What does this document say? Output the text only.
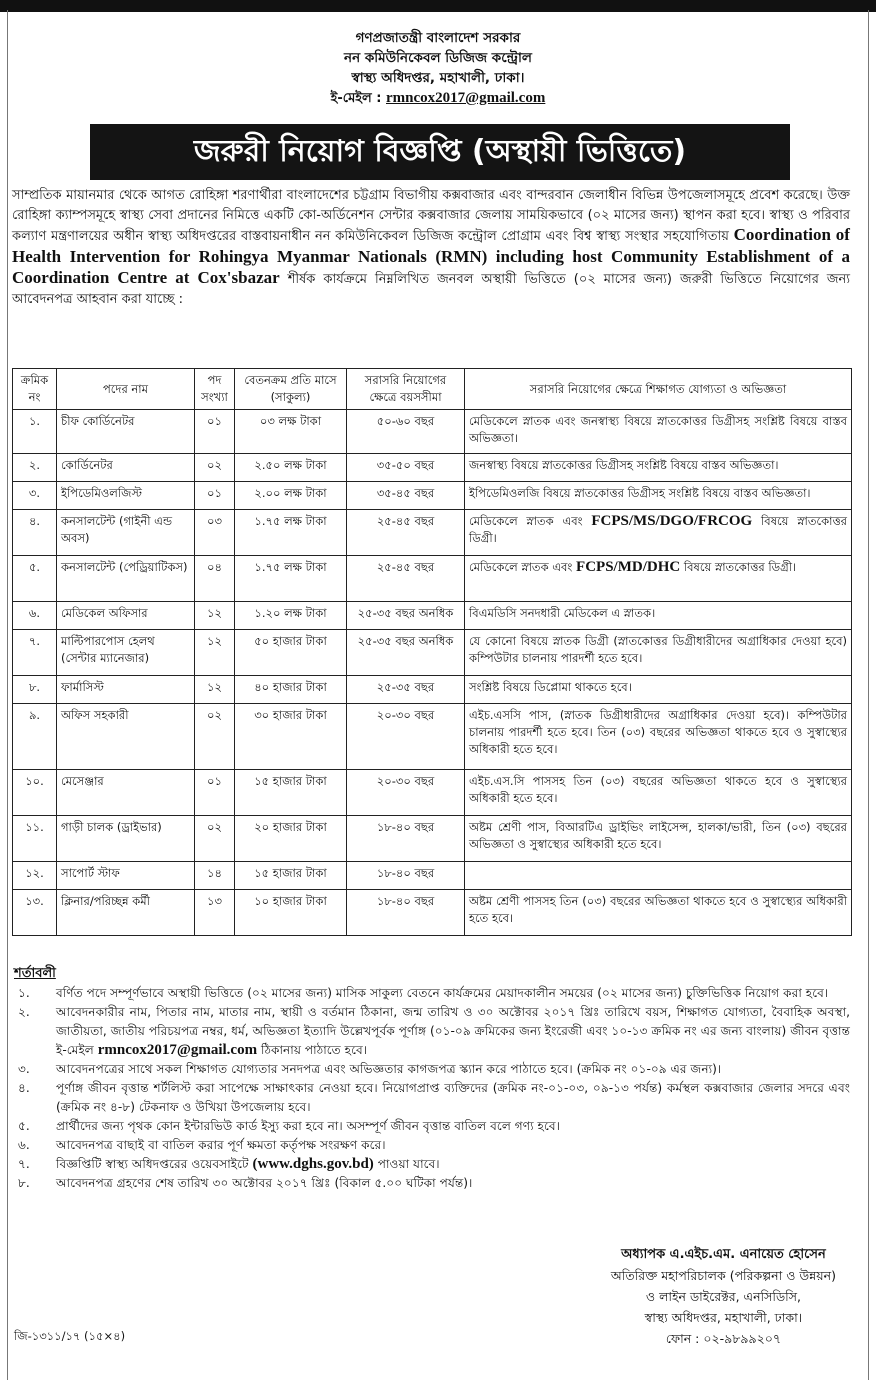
গণপ্রজাতন্ত্রী বাংলাদেশ সরকার
নন কমিউনিকেবল ডিজিজ কন্ট্রোল
স্বাস্থ্য অধিদপ্তর, মহাখালী, ঢাকা।
ই-মেইল : rmncox2017@gmail.com
জরুরী নিয়োগ বিজ্ঞপ্তি (অস্থায়ী ভিত্তিতে)
সাম্প্রতিক মায়ানমার থেকে আগত রোহিঙ্গা শরণার্থীরা বাংলাদেশের চট্টগ্রাম বিভাগীয় কক্সবাজার এবং বান্দরবান জেলাধীন বিভিন্ন উপজেলাসমূহে প্রবেশ করেছে। উক্ত রোহিঙ্গা ক্যাম্পসমূহে স্বাস্থ্য সেবা প্রদানের নিমিত্তে একটি কো-অর্ডিনেশন সেন্টার কক্সবাজার জেলায় সাময়িকভাবে (০২ মাসের জন্য) স্থাপন করা হবে। স্বাস্থ্য ও পরিবার কল্যাণ মন্ত্রণালয়ের অধীন স্বাস্থ্য অধিদপ্তরের বাস্তবায়নাধীন নন কমিউনিকেবল ডিজিজ কন্ট্রোল প্রোগ্রাম এবং বিশ্ব স্বাস্থ্য সংস্থার সহযোগিতায় Coordination of Health Intervention for Rohingya Myanmar Nationals (RMN) including host Community Establishment of a Coordination Centre at Cox'sbazar শীর্ষক কার্যক্রমে নিম্নলিখিত জনবল অস্থায়ী ভিত্তিতে (০২ মাসের জন্য) জরুরী ভিত্তিতে নিয়োগের জন্য আবেদনপত্র আহবান করা যাচ্ছে :
ক্রমিক নং	পদের নাম	পদ সংখ্যা	বেতনক্রম প্রতি মাসে (সাকুল্য)	সরাসরি নিয়োগের ক্ষেত্রে বয়সসীমা	সরাসরি নিয়োগের ক্ষেত্রে শিক্ষাগত যোগ্যতা ও অভিজ্ঞতা
১.	চীফ কোর্ডিনেটর	০১	০৩ লক্ষ টাকা	৫০-৬০ বছর	মেডিকেলে স্নাতক এবং জনস্বাস্থ্য বিষয়ে স্নাতকোত্তর ডিগ্রীসহ সংশ্লিষ্ট বিষয়ে বাস্তব অভিজ্ঞতা।
২.	কোর্ডিনেটর	০২	২.৫০ লক্ষ টাকা	৩৫-৫০ বছর	জনস্বাস্থ্য বিষয়ে স্নাতকোত্তর ডিগ্রীসহ সংশ্লিষ্ট বিষয়ে বাস্তব অভিজ্ঞতা।
৩.	ইপিডেমিওলজিস্ট	০১	২.০০ লক্ষ টাকা	৩৫-৪৫ বছর	ইপিডেমিওলজি বিষয়ে স্নাতকোত্তর ডিগ্রীসহ সংশ্লিষ্ট বিষয়ে বাস্তব অভিজ্ঞতা।
৪.	কনসালটেন্ট (গাইনী এন্ড অবস)	০৩	১.৭৫ লক্ষ টাকা	২৫-৪৫ বছর	মেডিকেলে স্নাতক এবং FCPS/MS/DGO/FRCOG বিষয়ে স্নাতকোত্তর ডিগ্রী।
৫.	কনসালটেন্ট (পেড্রিয়াটিকস)	০৪	১.৭৫ লক্ষ টাকা	২৫-৪৫ বছর	মেডিকেলে স্নাতক এবং FCPS/MD/DHC বিষয়ে স্নাতকোত্তর ডিগ্রী।
৬.	মেডিকেল অফিসার	১২	১.২০ লক্ষ টাকা	২৫-৩৫ বছর অনধিক	বিএমডিসি সনদধারী মেডিকেল এ স্নাতক।
৭.	মাল্টিপারপোস হেলথ (সেন্টার ম্যানেজার)	১২	৫০ হাজার টাকা	২৫-৩৫ বছর অনধিক	যে কোনো বিষয়ে স্নাতক ডিগ্রী (স্নাতকোত্তর ডিগ্রীধারীদের অগ্রাধিকার দেওয়া হবে) কম্পিউটার চালনায় পারদর্শী হতে হবে।
৮.	ফার্মাসিস্ট	১২	৪০ হাজার টাকা	২৫-৩৫ বছর	সংশ্লিষ্ট বিষয়ে ডিপ্লোমা থাকতে হবে।
৯.	অফিস সহকারী	০২	৩০ হাজার টাকা	২০-৩০ বছর	এইচ.এসসি পাস, (স্নাতক ডিগ্রীধারীদের অগ্রাধিকার দেওয়া হবে)। কম্পিউটার চালনায় পারদর্শী হতে হবে। তিন (০৩) বছরের অভিজ্ঞতা থাকতে হবে ও সুস্বাস্থ্যের অধিকারী হতে হবে।
১০.	মেসেঞ্জার	০১	১৫ হাজার টাকা	২০-৩০ বছর	এইচ.এস.সি পাসসহ তিন (০৩) বছরের অভিজ্ঞতা থাকতে হবে ও সুস্বাস্থ্যের অধিকারী হতে হবে।
১১.	গাড়ী চালক (ড্রাইভার)	০২	২০ হাজার টাকা	১৮-৪০ বছর	অষ্টম শ্রেণী পাস, বিআরটিএ ড্রাইভিং লাইসেন্স, হালকা/ভারী, তিন (০৩) বছরের অভিজ্ঞতা ও সুস্বাস্থ্যের অধিকারী হতে হবে।
১২.	সাপোর্ট স্টাফ	১৪	১৫ হাজার টাকা	১৮-৪০ বছর	
১৩.	ক্লিনার/পরিচ্ছন্ন কর্মী	১৩	১০ হাজার টাকা	১৮-৪০ বছর	অষ্টম শ্রেণী পাসসহ তিন (০৩) বছরের অভিজ্ঞতা থাকতে হবে ও সুস্বাস্থ্যের অধিকারী হতে হবে।
শর্তাবলী
১.	বর্ণিত পদে সম্পূর্ণভাবে অস্থায়ী ভিত্তিতে (০২ মাসের জন্য) মাসিক সাকুল্য বেতনে কার্যক্রমের মেয়াদকালীন সময়ের (০২ মাসের জন্য) চুক্তিভিত্তিক নিয়োগ করা হবে।
২.	আবেদনকারীর নাম, পিতার নাম, মাতার নাম, স্থায়ী ও বর্তমান ঠিকানা, জন্ম তারিখ ও ৩০ অক্টোবর ২০১৭ খ্রিঃ তারিখে বয়স, শিক্ষাগত যোগ্যতা, বৈবাহিক অবস্থা, জাতীয়তা, জাতীয় পরিচয়পত্র নম্বর, ধর্ম, অভিজ্ঞতা ইত্যাদি উল্লেখপূর্বক পূর্ণাঙ্গ (০১-০৯ ক্রমিকের জন্য ইংরেজী এবং ১০-১৩ ক্রমিক নং এর জন্য বাংলায়) জীবন বৃত্তান্ত ই-মেইল rmncox2017@gmail.com ঠিকানায় পাঠাতে হবে।
৩.	আবেদনপত্রের সাথে সকল শিক্ষাগত যোগ্যতার সনদপত্র এবং অভিজ্ঞতার কাগজপত্র স্ক্যান করে পাঠাতে হবে। (ক্রমিক নং ০১-০৯ এর জন্য)।
৪.	পূর্ণাঙ্গ জীবন বৃত্তান্ত শর্টলিস্ট করা সাপেক্ষে সাক্ষাৎকার নেওয়া হবে। নিয়োগপ্রাপ্ত ব্যক্তিদের (ক্রমিক নং-০১-০৩, ০৯-১৩ পর্যন্ত) কর্মস্থল কক্সবাজার জেলার সদরে এবং (ক্রমিক নং ৪-৮) টেকনাফ ও উখিয়া উপজেলায় হবে।
৫.	প্রার্থীদের জন্য পৃথক কোন ইন্টারভিউ কার্ড ইস্যু করা হবে না। অসম্পূর্ণ জীবন বৃত্তান্ত বাতিল বলে গণ্য হবে।
৬.	আবেদনপত্র বাছাই বা বাতিল করার পূর্ণ ক্ষমতা কর্তৃপক্ষ সংরক্ষণ করে।
৭.	বিজ্ঞপ্তিটি স্বাস্থ্য অধিদপ্তরের ওয়েবসাইটে (www.dghs.gov.bd) পাওয়া যাবে।
৮.	আবেদনপত্র গ্রহণের শেষ তারিখ ৩০ অক্টোবর ২০১৭ খ্রিঃ (বিকাল ৫.০০ ঘটিকা পর্যন্ত)।
অধ্যাপক এ.এইচ.এম. এনায়েত হোসেন
অতিরিক্ত মহাপরিচালক (পরিকল্পনা ও উন্নয়ন)
ও লাইন ডাইরেক্টর, এনসিডিসি,
স্বাস্থ্য অধিদপ্তর, মহাখালী, ঢাকা।
ফোন : ০২-৯৮৯৯২০৭
জি-১৩১১/১৭ (১৫×৪)
